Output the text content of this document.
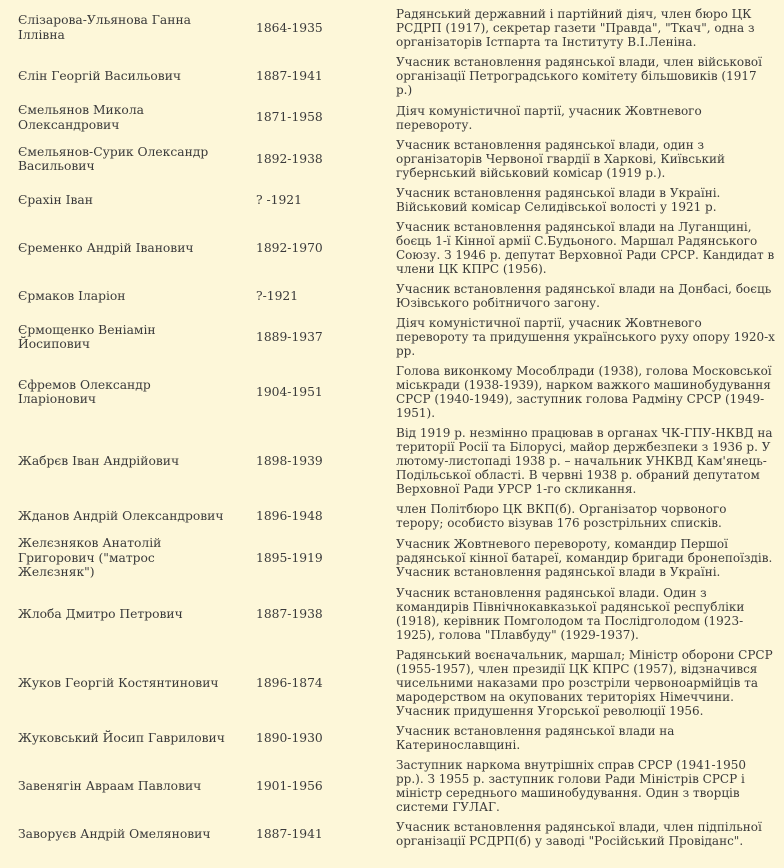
Єлізарова-Ульянова Ганна Іллівна	1864-1935	Радянський державний і партійний діяч, член бюро ЦК РСДРП (1917), секретар газети "Правда", "Ткач", одна з організаторів Істпарта та Інституту В.І.Леніна.
Єлін Георгій Васильович	1887-1941	Учасник встановлення радянської влади, член військової організації Петроградського комітету більшовиків (1917 р.)
Ємельянов Микола Олександрович	1871-1958	Діяч комуністичної партії, учасник Жовтневого перевороту.
Ємельянов-Сурик Олександр Васильович	1892-1938	Учасник встановлення радянської влади, один з організаторів Червоної гвардії в Харкові, Київський губернський військовий комісар (1919 р.).
Єрахін Іван	? -1921	Учасник встановлення радянської влади в Україні. Військовий комісар Селидівської волості у 1921 р.
Єременко Андрій Іванович	1892-1970	Учасник встановлення радянської влади на Луганщині, боєць 1-ї Кінної армії С.Будьоного. Маршал Радянського Союзу. З 1946 р. депутат Верховної Ради СРСР. Кандидат в члени ЦК КПРС (1956).
Єрмаков Іларіон	?-1921	Учасник встановлення радянської влади на Донбасі, боєць Юзівського робітничого загону.
Єрмощенко Веніамін Йосипович	1889-1937	Діяч комуністичної партії, учасник Жовтневого перевороту та придушення українського руху опору 1920-х рр.
Єфремов Олександр Іларіонович	1904-1951	Голова виконкому Мособлради (1938), голова Московської міськради (1938-1939), нарком важкого машинобудування СРСР (1940-1949), заступник голова Радміну СРСР (1949-1951).
Жабрєв Іван Андрійович	1898-1939	Від 1919 р. незмінно працював в органах ЧК-ГПУ-НКВД на території Росії та Білорусі, майор держбезпеки з 1936 р. У лютому-листопаді 1938 р. – начальник УНКВД Кам'янець-Подільської області. В червні 1938 р. обраний депутатом Верховної Ради УРСР 1-го скликання.
Жданов Андрій Олександрович	1896-1948	член Політбюро ЦК ВКП(б). Організатор чорвоного терору; особисто візував 176 розстрільних списків.
Желєзняков Анатолій Григорович ("матрос Желєзняк")	1895-1919	Учасник Жовтневого перевороту, командир Першої радянської кінної батареї, командир бригади бронепоїздів. Учасник встановлення радянської влади в Україні.
Жлоба Дмитро Петрович	1887-1938	Учасник встановлення радянської влади. Один з командирів Північнокавказької радянської республіки (1918), керівник Помголодом та Послідголодом (1923-1925), голова "Плавбуду" (1929-1937).
Жуков Георгій Костянтинович	1896-1874	Радянський воєначальник, маршал; Міністр оборони СРСР (1955-1957), член президії ЦК КПРС (1957), відзначився чисельними наказами про розстріли червоноармійців та мародерством на окупованих територіях Німеччини. Учасник придушення Угорської революції 1956.
Жуковський Йосип Гаврилович	1890-1930	Учасник встановлення радянської влади на Катеринославщині.
Завенягін Авраам Павлович	1901-1956	Заступник наркома внутрішніх справ СРСР (1941-1950 рр.). З 1955 р. заступник голови Ради Міністрів СРСР і міністр середнього машинобудування. Один з творців системи ГУЛАГ.
Заворуєв Андрій Омелянович	1887-1941	Учасник встановлення радянської влади, член підпільної організації РСДРП(б) у заводі "Російський Провіданс".
